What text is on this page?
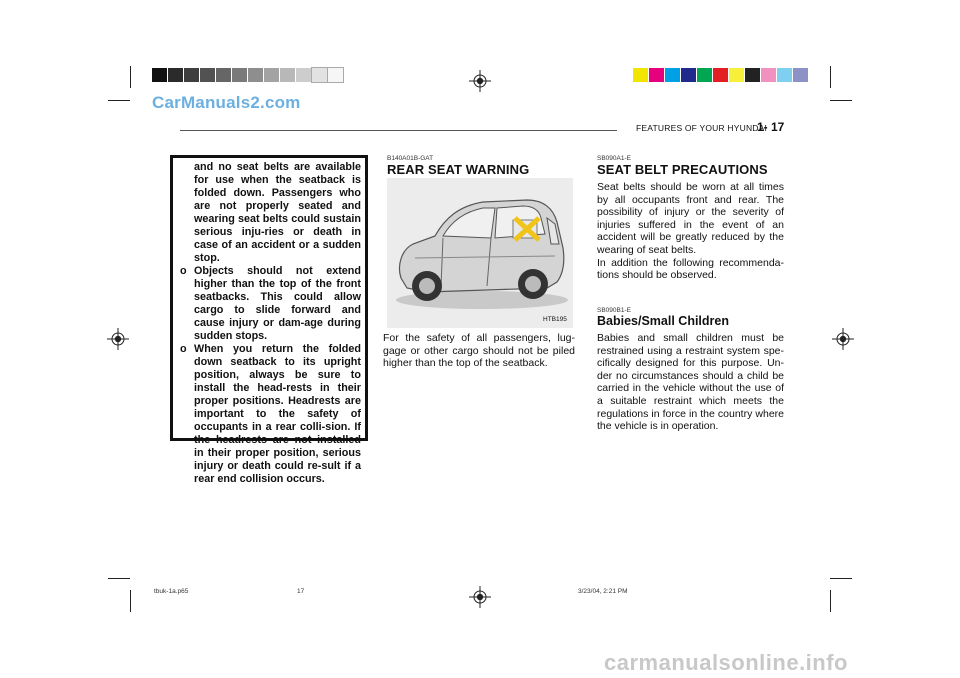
CarManuals2.com
FEATURES OF YOUR HYUNDAI
1- 17

and no seat belts are available for use when the seatback is folded down. Passengers who are not properly seated and wearing seat belts could sustain serious inju-ries or death in case of an accident or a sudden stop.

o Objects should not extend higher than the top of the front seatbacks. This could allow cargo to slide forward and cause injury or dam-age during sudden stops.
o When you return the folded down seatback to its upright position, always be sure to install the head-rests in their proper positions. Headrests are important to the safety of occupants in a rear colli-sion. If the headrests are not installed in their proper position, serious injury or death could re-sult if a rear end collision occurs.
B140A01B-GAT
REAR SEAT WARNING
HTB195
For the safety of all passengers, lug-gage or other cargo should not be piled higher than the top of the seatback.
SB090A1-E
SEAT BELT PRECAUTIONS
Seat belts should be worn at all times by all occupants front and rear. The possibility of injury or the severity of injuries suffered in the event of an accident will be greatly reduced by the wearing of seat belts.
In addition the following recommenda-tions should be observed.
SB090B1-E
Babies/Small Children
Babies and small children must be restrained using a restraint system spe-cifically designed for this purpose. Un-der no circumstances should a child be carried in the vehicle without the use of a suitable restraint which meets the regulations in force in the country where the vehicle is in operation.
tbuk-1a.p65	17	3/23/04, 2:21 PM
carmanualsonline.info
